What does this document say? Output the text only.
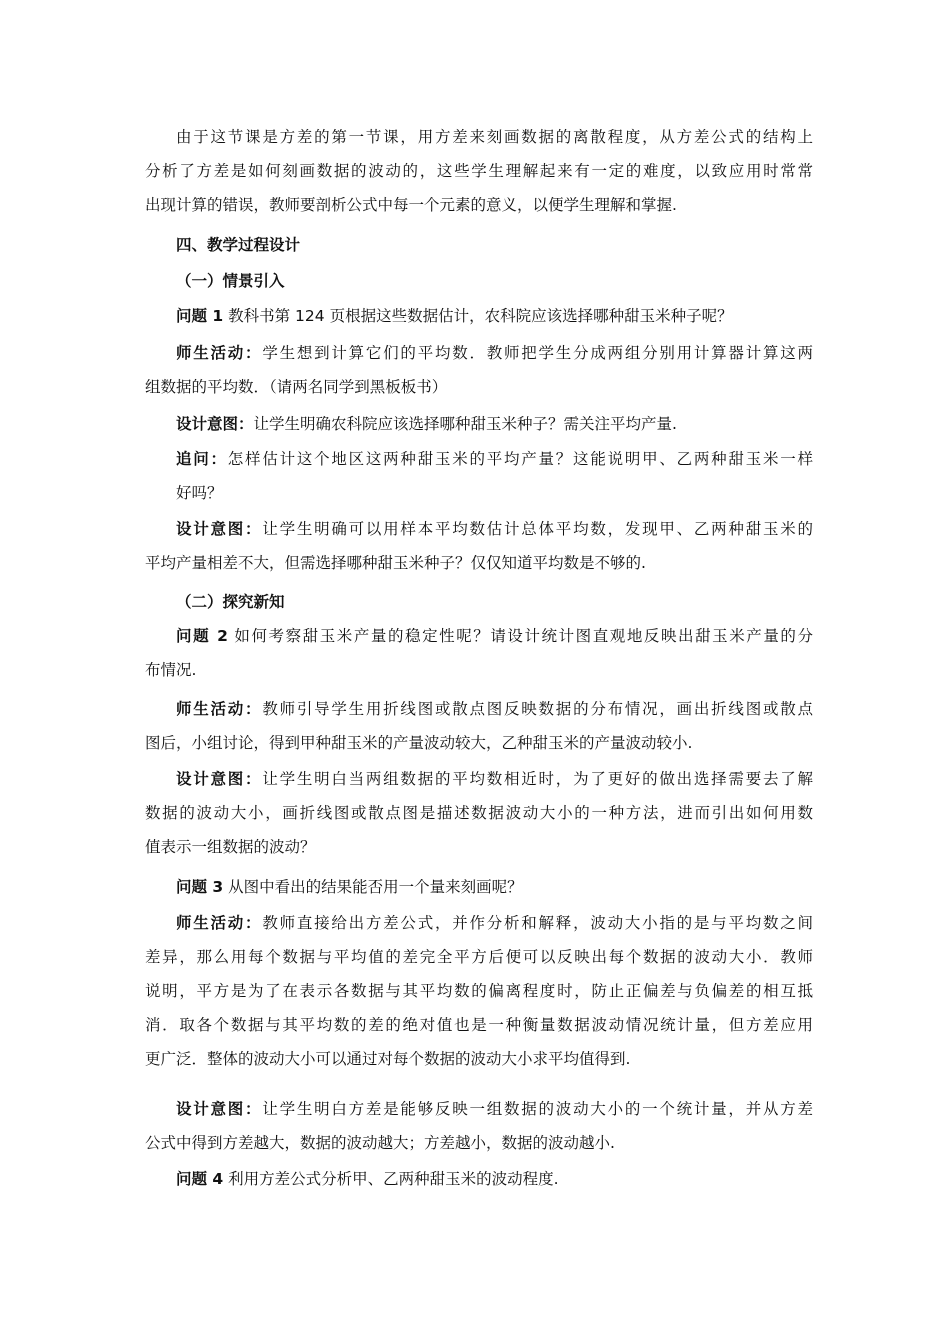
由于这节课是方差的第一节课，用方差来刻画数据的离散程度，从方差公式的结构上
分析了方差是如何刻画数据的波动的，这些学生理解起来有一定的难度，以致应用时常常
出现计算的错误，教师要剖析公式中每一个元素的意义，以便学生理解和掌握.
四、教学过程设计
（一）情景引入
问题 1 教科书第 124 页根据这些数据估计，农科院应该选择哪种甜玉米种子呢？
师生活动：学生想到计算它们的平均数．教师把学生分成两组分别用计算器计算这两
组数据的平均数．（请两名同学到黑板板书）
设计意图：让学生明确农科院应该选择哪种甜玉米种子？需关注平均产量.
追问：怎样估计这个地区这两种甜玉米的平均产量？这能说明甲、乙两种甜玉米一样
好吗？
设计意图：让学生明确可以用样本平均数估计总体平均数，发现甲、乙两种甜玉米的
平均产量相差不大，但需选择哪种甜玉米种子？仅仅知道平均数是不够的.
（二）探究新知
问题 2 如何考察甜玉米产量的稳定性呢？请设计统计图直观地反映出甜玉米产量的分
布情况.
师生活动：教师引导学生用折线图或散点图反映数据的分布情况，画出折线图或散点
图后，小组讨论，得到甲种甜玉米的产量波动较大，乙种甜玉米的产量波动较小.
设计意图：让学生明白当两组数据的平均数相近时，为了更好的做出选择需要去了解
数据的波动大小，画折线图或散点图是描述数据波动大小的一种方法，进而引出如何用数
值表示一组数据的波动？
问题 3 从图中看出的结果能否用一个量来刻画呢？
师生活动：教师直接给出方差公式，并作分析和解释，波动大小指的是与平均数之间
差异，那么用每个数据与平均值的差完全平方后便可以反映出每个数据的波动大小．教师
说明，平方是为了在表示各数据与其平均数的偏离程度时，防止正偏差与负偏差的相互抵
消．取各个数据与其平均数的差的绝对值也是一种衡量数据波动情况统计量，但方差应用
更广泛．整体的波动大小可以通过对每个数据的波动大小求平均值得到.
设计意图：让学生明白方差是能够反映一组数据的波动大小的一个统计量，并从方差
公式中得到方差越大，数据的波动越大；方差越小，数据的波动越小.
问题 4 利用方差公式分析甲、乙两种甜玉米的波动程度.
